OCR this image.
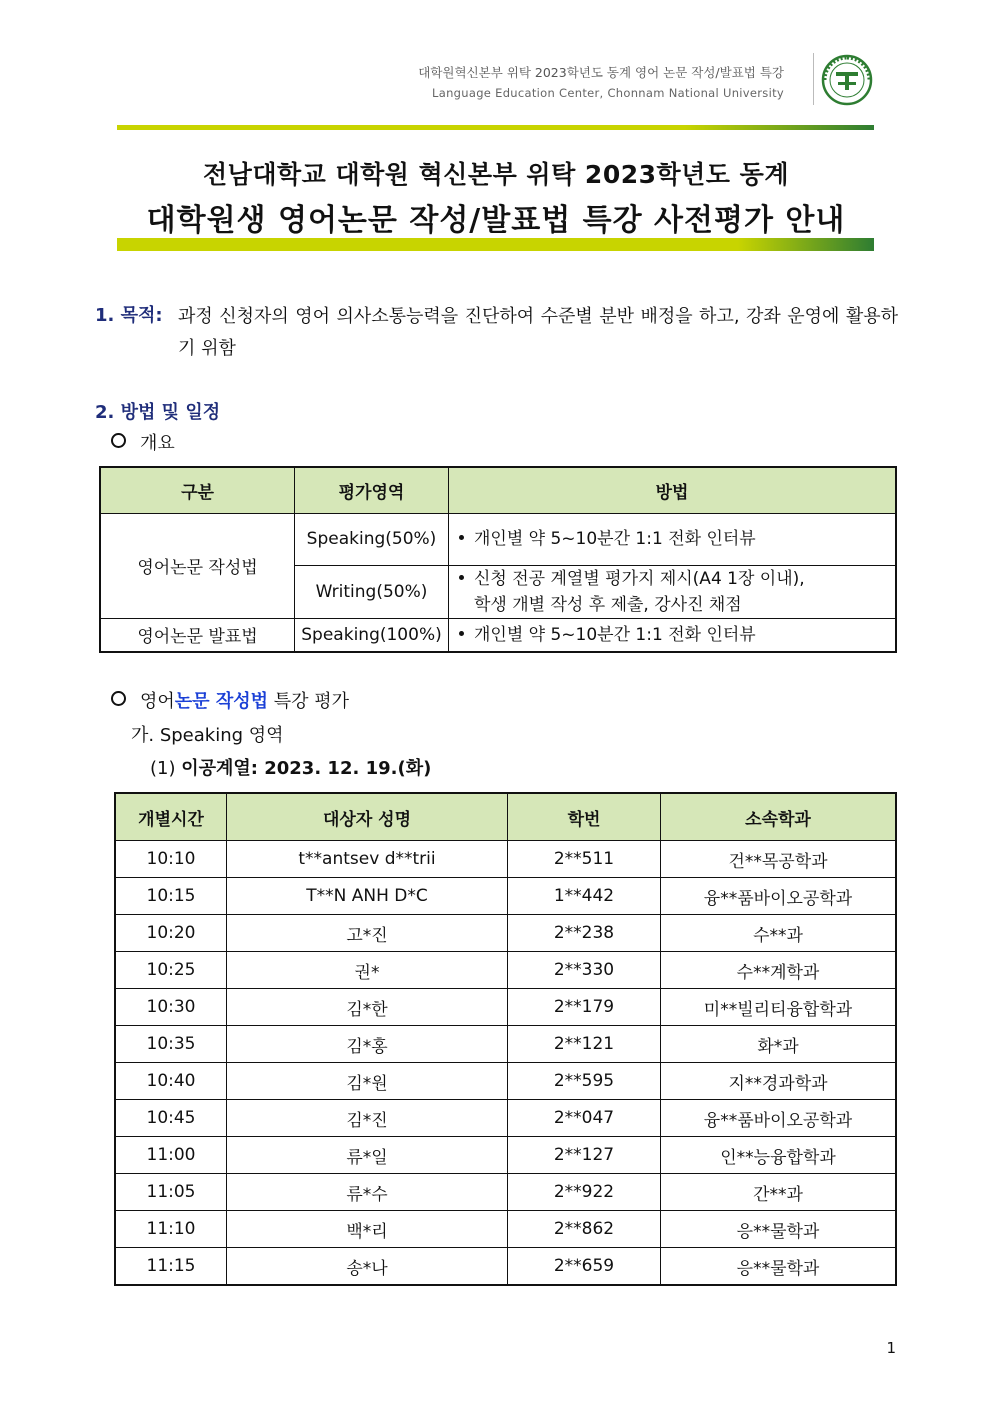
대학원혁신본부 위탁 2023학년도 동계 영어 논문 작성/발표법 특강
Language Education Center, Chonnam National University
전남대학교 대학원 혁신본부 위탁 2023학년도 동계
대학원생 영어논문 작성/발표법 특강 사전평가 안내
1. 목적: 과정 신청자의 영어 의사소통능력을 진단하여 수준별 분반 배정을 하고, 강좌 운영에 활용하기 위함
2. 방법 및 일정
개요
구분	평가영역	방법
영어논문 작성법	Speaking(50%)	개인별 약 5~10분간 1:1 전화 인터뷰
	Writing(50%)	신청 전공 계열별 평가지 제시(A4 1장 이내),
학생 개별 작성 후 제출, 강사진 채점
영어논문 발표법	Speaking(100%)	개인별 약 5~10분간 1:1 전화 인터뷰
영어논문 작성법 특강 평가
가. Speaking 영역
(1) 이공계열: 2023. 12. 19.(화)
개별시간	대상자 성명	학번	소속학과
10:10	t**antsev d**trii	2**511	건**목공학과
10:15	T**N ANH D*C	1**442	융**품바이오공학과
10:20	고*진	2**238	수**과
10:25	권*	2**330	수**계학과
10:30	김*한	2**179	미**빌리티융합학과
10:35	김*홍	2**121	화*과
10:40	김*원	2**595	지**경과학과
10:45	김*진	2**047	융**품바이오공학과
11:00	류*일	2**127	인**능융합학과
11:05	류*수	2**922	간**과
11:10	백*리	2**862	응**물학과
11:15	송*나	2**659	응**물학과
1
